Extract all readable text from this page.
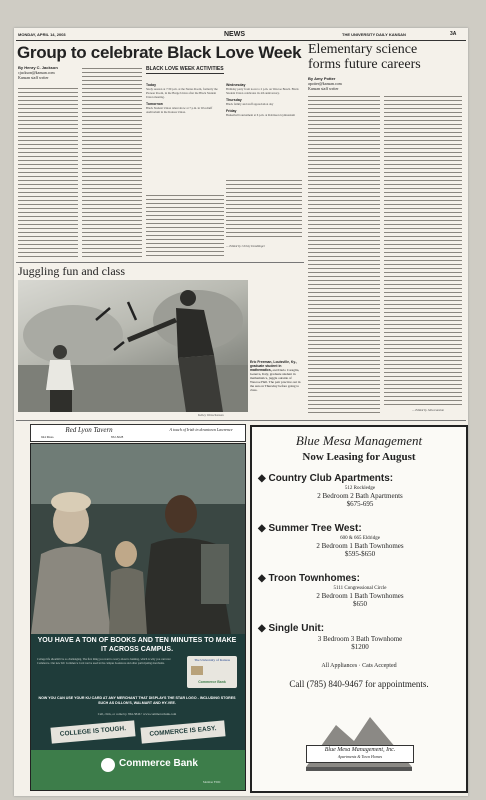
MONDAY, APRIL 14, 2003	NEWS	THE UNIVERSITY DAILY KANSAN	3A
Group to celebrate Black Love Week
By Henry C. Jackson
cjackson@kansan.com
Kansan staff writer
BLACK LOVE WEEK ACTIVITIES
Today
Study session at 7:30 p.m. at the Nexus Room, formerly the Pioneer Room, in the Burge Union after the Black Student Union meeting.
Tomorrow
Black Student Union talent show at 7 p.m. in Woodruff Auditorium in the Kansas Union.
Wednesday
Birthday party from noon to 2 p.m. on Wescoe Beach. Black Student Union celebrates its 4th anniversary.
Thursday
Black family and staff appreciation day
Friday
Basketball tournament at 6 p.m. at Robinson Gymnasium
— Edited by Christy Dondlinger
Juggling fun and class
Eric Freeman, Louisville, Ky., graduate student in mathematics, and Dario Caraglia, Geneva, Italy, graduate student in mathematics, juggle outside of Wescoe Hall. The pair practice out in the sun on Thursday before going to class.
Kelley Weiss/Kansan
Elementary science
forms future careers
By Amy Potter
apotter@kansan.com
Kansan staff writer
— Edited by Julia Lanstun
Red Lyon Tavern
944 Mass.	832-8228
A touch of Irish in downtown Lawrence
YOU HAVE A TON OF BOOKS AND TEN MINUTES TO MAKE IT ACROSS CAMPUS.
College life shouldn't be so challenging. The first thing you want to worry about is banking, which is why you can trust Commerce. Our new KU Commerce Card can be used in the campus bookstore and other participating merchants.
The University of Kansas
Commerce Bank
NOW YOU CAN USE YOUR KU CARD AT ANY MERCHANT THAT DISPLAYS THE STAR LOGO - INCLUDING STORES SUCH AS DILLON'S, WALMART AND HY-VEE.
Call, click, or come by. 864-5846 • www.commercebank.com
COLLEGE IS TOUGH.	COMMERCE IS EASY.
Commerce Bank
Member FDIC
Blue Mesa Management
Now Leasing for August
◆ Country Club Apartments:
512 Rockledge
2 Bedroom 2 Bath Apartments
$675-695
◆ Summer Tree West:
600 & 665 Eldridge
2 Bedroom 1 Bath Townhomes
$595-$650
◆ Troon Townhomes:
5111 Congressional Circle
2 Bedroom 1 Bath Townhomes
$650
◆ Single Unit:
3 Bedroom 3 Bath Townhome
$1200
All Appliances · Cats Accepted
Call (785) 840-9467 for appointments.
Blue Mesa Management, Inc.
Apartments & Town Homes
